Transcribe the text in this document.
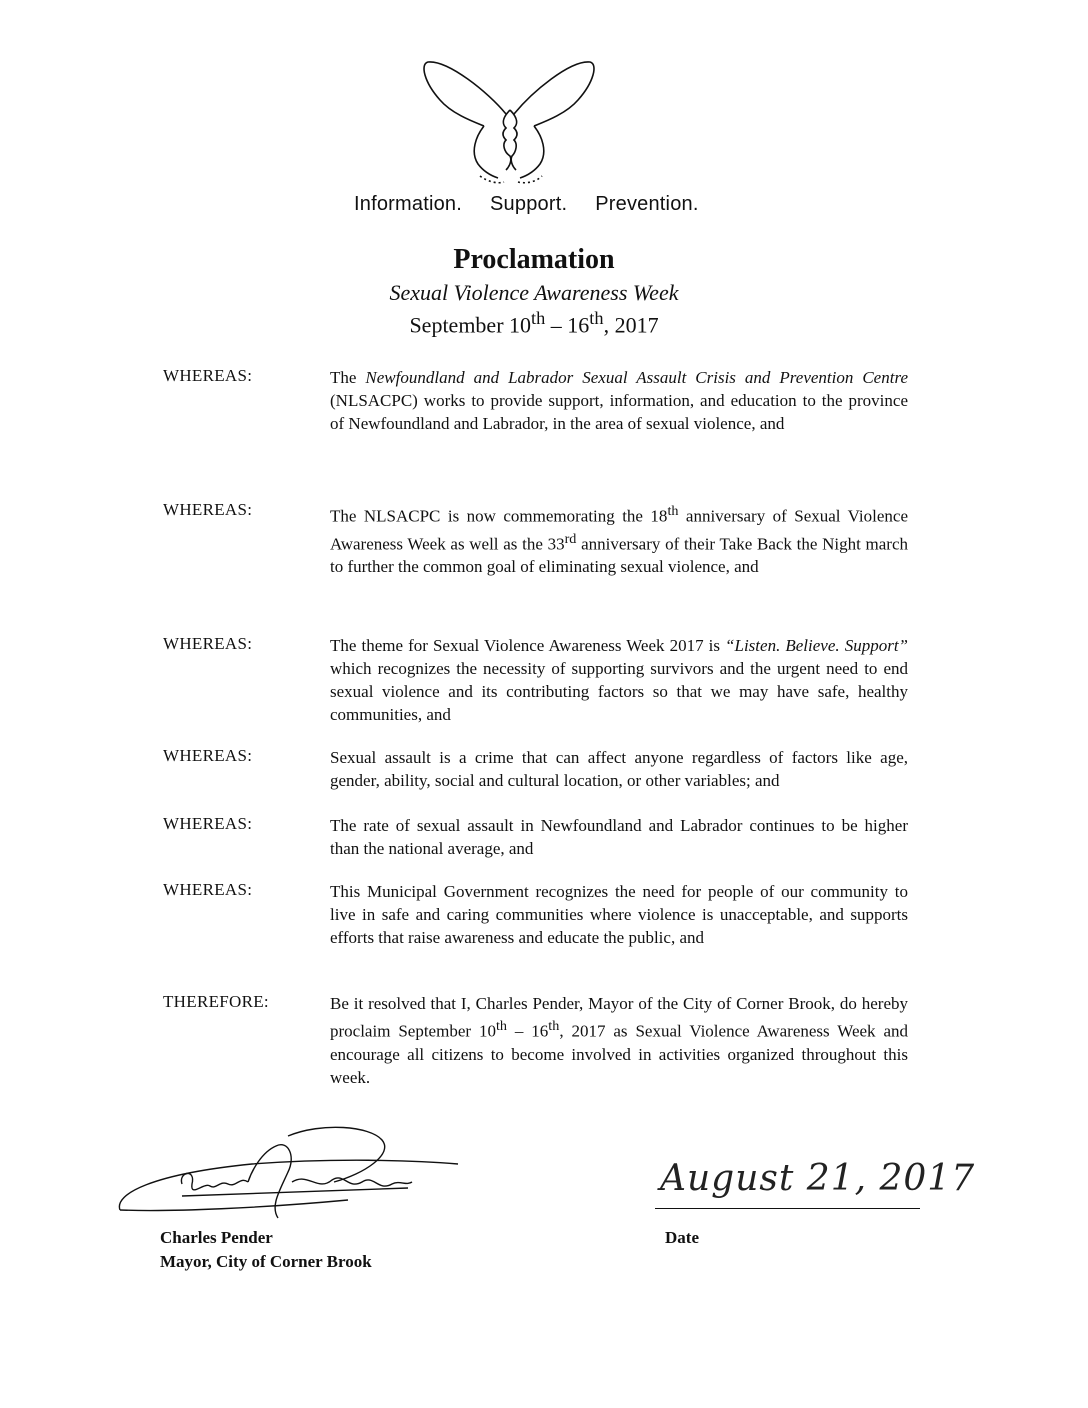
Information. Support. Prevention.
Proclamation
Sexual Violence Awareness Week
September 10th – 16th, 2017
WHEREAS:	The Newfoundland and Labrador Sexual Assault Crisis and Prevention Centre (NLSACPC) works to provide support, information, and education to the province of Newfoundland and Labrador, in the area of sexual violence, and
WHEREAS:	The NLSACPC is now commemorating the 18th anniversary of Sexual Violence Awareness Week as well as the 33rd anniversary of their Take Back the Night march to further the common goal of eliminating sexual violence, and
WHEREAS:	The theme for Sexual Violence Awareness Week 2017 is “Listen. Believe. Support” which recognizes the necessity of supporting survivors and the urgent need to end sexual violence and its contributing factors so that we may have safe, healthy communities, and
WHEREAS:	Sexual assault is a crime that can affect anyone regardless of factors like age, gender, ability, social and cultural location, or other variables; and
WHEREAS:	The rate of sexual assault in Newfoundland and Labrador continues to be higher than the national average, and
WHEREAS:	This Municipal Government recognizes the need for people of our community to live in safe and caring communities where violence is unacceptable, and supports efforts that raise awareness and educate the public, and
THEREFORE:	Be it resolved that I, Charles Pender, Mayor of the City of Corner Brook, do hereby proclaim September 10th – 16th, 2017 as Sexual Violence Awareness Week and encourage all citizens to become involved in activities organized throughout this week.
Charles Pender
Mayor, City of Corner Brook
August 21, 2017
Date
